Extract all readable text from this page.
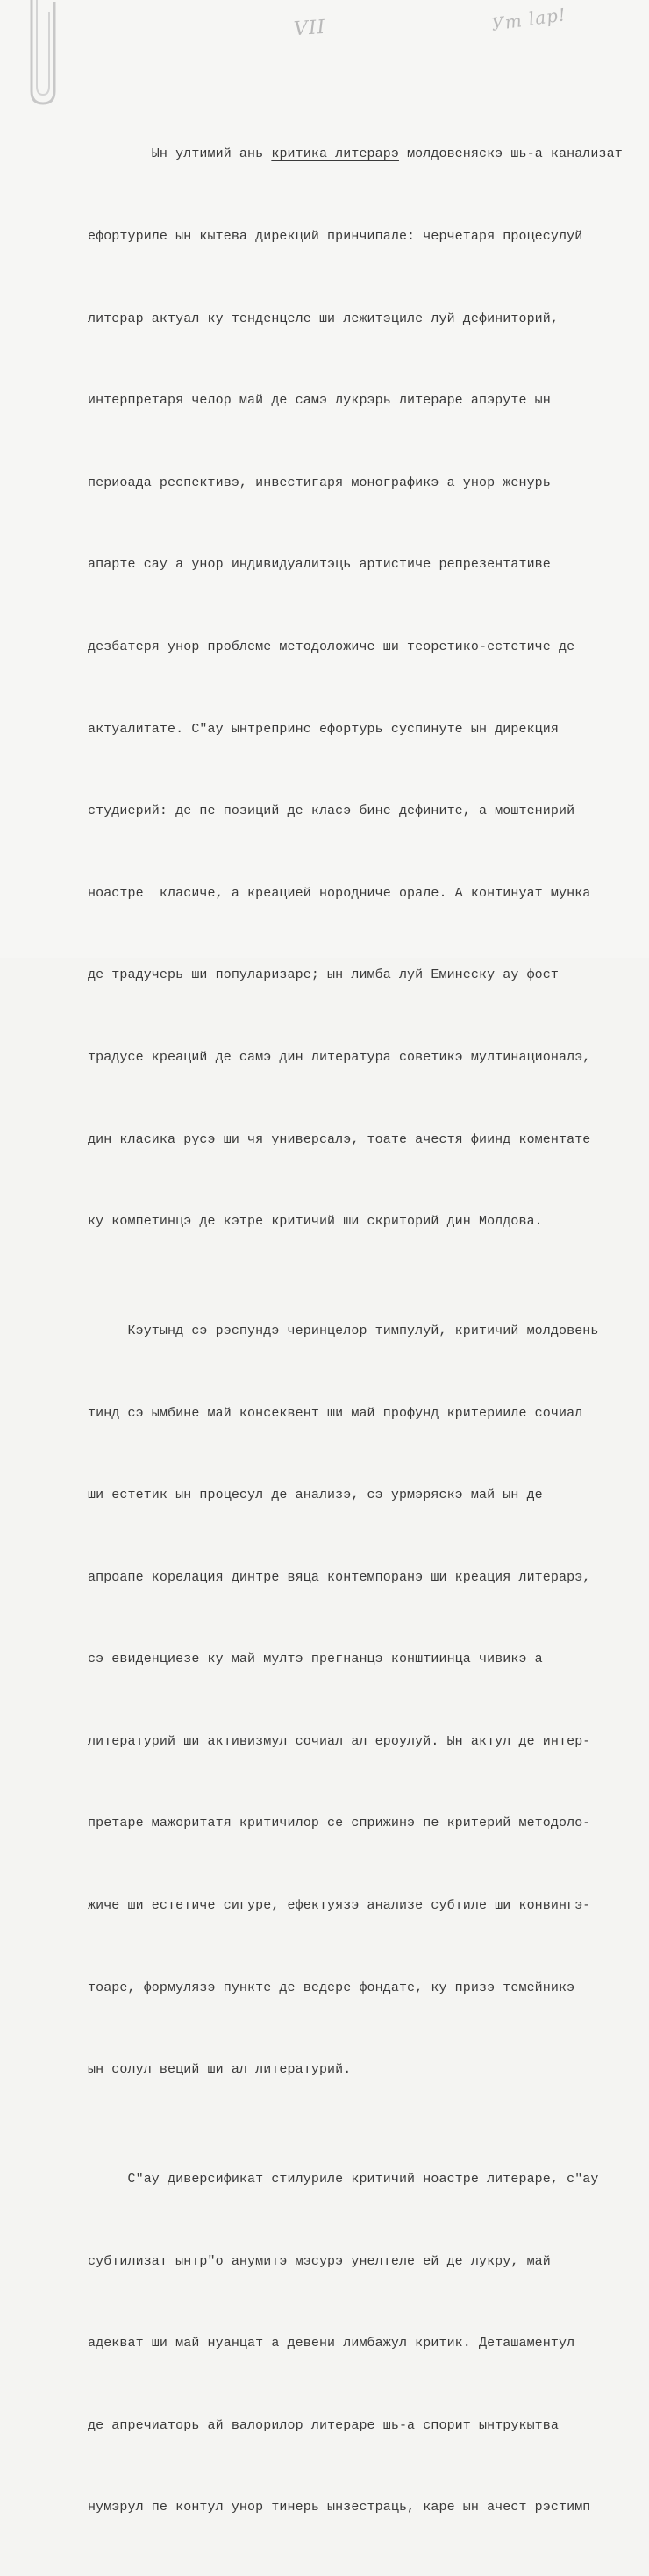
VII	Уm lap!

Ын ултимий ань критика литерарэ молдовеняскэ шь-а канализат

ефортуриле ын кытева дирекций принчипале: черчетаря процесулуй

литерар актуал ку тенденцеле ши лежитэциле луй дефиниторий,

интерпретаря челор май де самэ лукрэрь литераре апэруте ын

периоада респективэ, инвестигаря монографикэ а унор женурь

апарте сау а унор индивидуалитэць артистиче репрезентативе

дезбатеря унор проблеме методоложиче ши теоретико-естетиче де

актуалитате. С"ау ынтрепринс ефортурь суспинуте ын дирекция

студиерий: де пе позиций де класэ бине дефините, а моштенирий

ноастре  класиче, а креацией нородниче орале. А континуат мунка

де традучерь ши популаризаре; ын лимба луй Еминеску ау фост

традусе креаций де самэ дин литература советикэ мултинационалэ,

дин класика русэ ши чя универсалэ, тоате ачестя фиинд коментате

ку компетинцэ де кэтре критичий ши скриторий дин Молдова.

Кэутынд сэ рэспундэ черинцелор тимпулуй, критичий молдовень

тинд сэ ымбине май консеквент ши май профунд критерииле сочиал

ши естетик ын процесул де анализэ, сэ урмэряскэ май ын де

апроапе корелация динтре вяца контемпоранэ ши креация литерарэ,

сэ евиденциезе ку май мултэ прегнанцэ конштиинца чивикэ а

литературий ши активизмул сочиал ал ероулуй. Ын актул де интер-

претаре мажоритатя критичилор се сприжинэ пе критерий методоло-

жиче ши естетиче сигуре, ефектуязэ анализе субтиле ши конвингэ-

тоаре, формулязэ пункте де ведере фондате, ку призэ темейникэ

ын солул веций ши ал литературий.

С"ау диверсификат стилуриле критичий ноастре литераре, с"ау

субтилизат ынтр"о анумитэ мэсурэ унелтеле ей де лукру, май

адекват ши май нуанцат а девени лимбажул критик. Деташаментул

де апречиаторь ай валорилор литераре шь-а спорит ынтрукытва

нумэрул пе контул унор тинерь ынзестраць, каре ын ачест рэстимп
